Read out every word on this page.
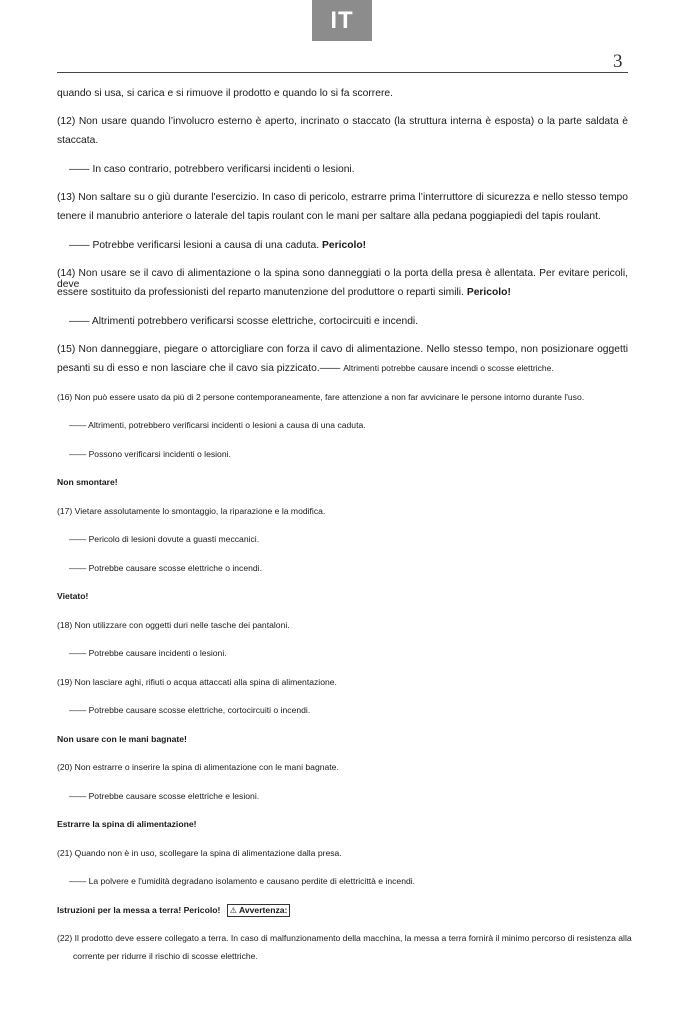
IT
3

quando si usa, si carica e si rimuove il prodotto e quando lo si fa scorrere.

(12) Non usare quando l’involucro esterno è aperto, incrinato o staccato (la struttura interna è esposta) o la parte saldata è

staccata.

—— In caso contrario, potrebbero verificarsi incidenti o lesioni.

(13) Non saltare su o giù durante l'esercizio. In caso di pericolo, estrarre prima l’interruttore di sicurezza e nello stesso tempo

tenere il manubrio anteriore o laterale del tapis roulant con le mani per saltare alla pedana poggiapiedi del tapis roulant.

—— Potrebbe verificarsi lesioni a causa di una caduta. Pericolo!

(14) Non usare se il cavo di alimentazione o la spina sono danneggiati o la porta della presa è allentata. Per evitare pericoli, deve

essere sostituito da professionisti del reparto manutenzione del produttore o reparti simili. Pericolo!

—— Altrimenti potrebbero verificarsi scosse elettriche, cortocircuiti e incendi.

(15) Non danneggiare, piegare o attorcigliare con forza il cavo di alimentazione. Nello stesso tempo, non posizionare oggetti

pesanti su di esso e non lasciare che il cavo sia pizzicato.—— Altrimenti potrebbe causare incendi o scosse elettriche.

(16) Non può essere usato da più di 2 persone contemporaneamente, fare attenzione a non far avvicinare le persone intorno durante l'uso.

—— Altrimenti, potrebbero verificarsi incidenti o lesioni a causa di una caduta.

—— Possono verificarsi incidenti o lesioni.

Non smontare!

(17) Vietare assolutamente lo smontaggio, la riparazione e la modifica.

—— Pericolo di lesioni dovute a guasti meccanici.

—— Potrebbe causare scosse elettriche o incendi.

Vietato!

(18) Non utilizzare con oggetti duri nelle tasche dei pantaloni.

—— Potrebbe causare incidenti o lesioni.

(19) Non lasciare aghi, rifiuti o acqua attaccati alla spina di alimentazione.

—— Potrebbe causare scosse elettriche, cortocircuiti o incendi.

Non usare con le mani bagnate!

(20) Non estrarre o inserire la spina di alimentazione con le mani bagnate.

—— Potrebbe causare scosse elettriche e lesioni.

Estrarre la spina di alimentazione!

(21) Quando non è in uso, scollegare la spina di alimentazione dalla presa.

—— La polvere e l'umidità degradano isolamento e causano perdite di elettricittà e incendi.

Istruzioni per la messa a terra! Pericolo! ⚠ Avvertenza:

(22) Il prodotto deve essere collegato a terra. In caso di malfunzionamento della macchina, la messa a terra fornirà il minimo percorso di resistenza alla

corrente per ridurre il rischio di scosse elettriche.
